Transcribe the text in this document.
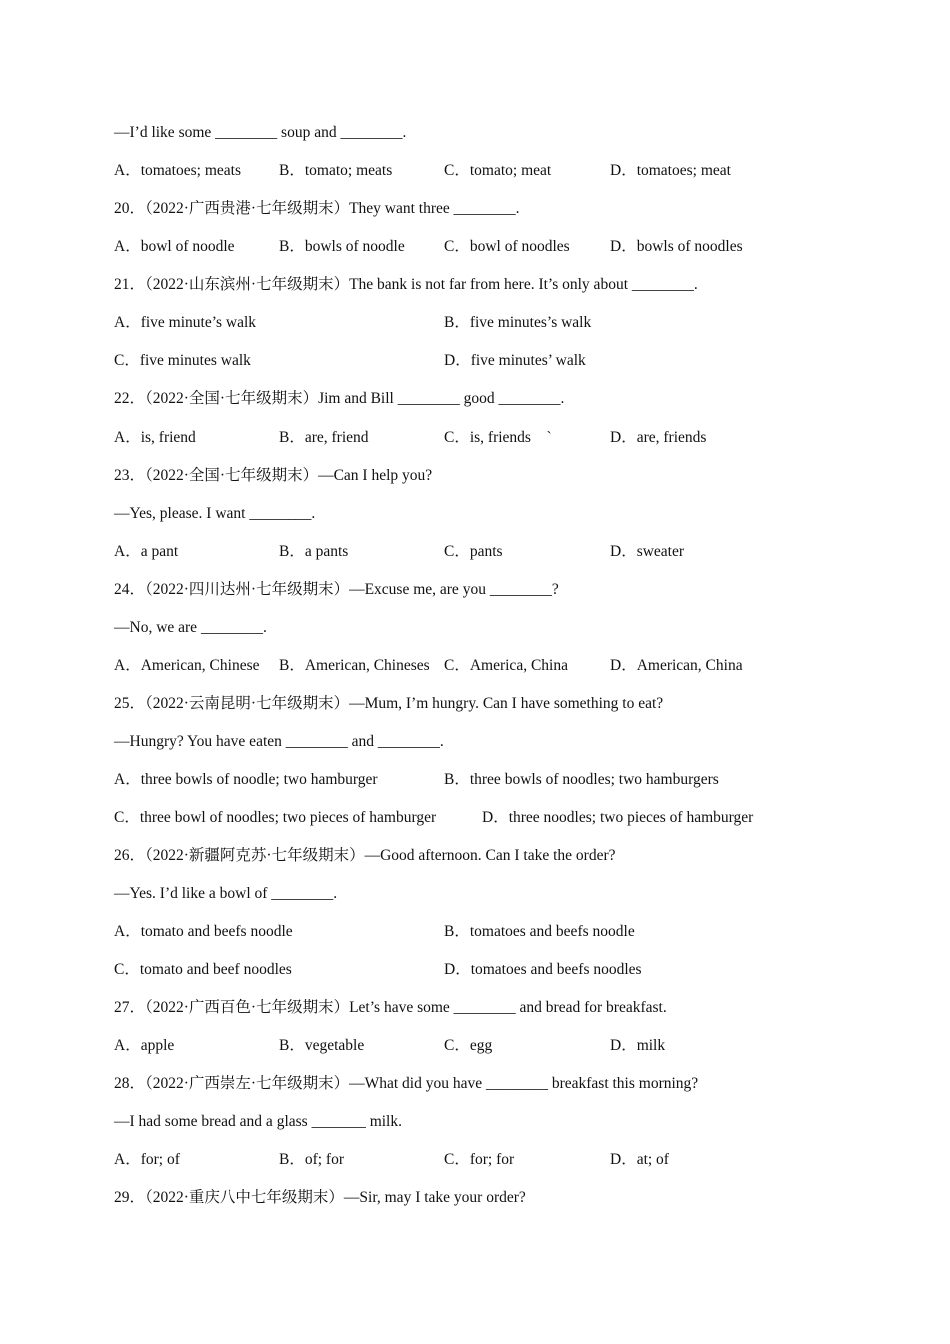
—I’d like some ________ soup and ________.
A．tomatoes; meats B．tomato; meats	C．tomato; meat	D．tomatoes; meat
20．（2022·广西贵港·七年级期末）They want three ________.
A．bowl of noodle	B．bowls of noodle	C．bowl of noodles	D．bowls of noodles
21．（2022·山东滨州·七年级期末）The bank is not far from here. It’s only about ________.
A．five minute’s walk	B．five minutes’s walk
C．five minutes walk	D．five minutes’ walk
22．（2022·全国·七年级期末）Jim and Bill ________ good ________.
A．is, friend	B．are, friend	C．is, friends　`	D．are, friends
23．（2022·全国·七年级期末）—Can I help you?
—Yes, please. I want ________.
A．a pant	B．a pants	C．pants	D．sweater
24．（2022·四川达州·七年级期末）—Excuse me, are you ________?
—No, we are ________.
A．American, Chinese B．American, Chineses C．America, China	D．American, China
25．（2022·云南昆明·七年级期末）—Mum, I’m hungry. Can I have something to eat?
—Hungry? You have eaten ________ and ________.
A．three bowls of noodle; two hamburger	B．three bowls of noodles; two hamburgers
C．three bowl of noodles; two pieces of hamburger	D．three noodles; two pieces of hamburger
26．（2022·新疆阿克苏·七年级期末）—Good afternoon. Can I take the order?
—Yes. I’d like a bowl of ________.
A．tomato and beefs noodle	B．tomatoes and beefs noodle
C．tomato and beef noodles	D．tomatoes and beefs noodles
27．（2022·广西百色·七年级期末）Let’s have some ________ and bread for breakfast.
A．apple	B．vegetable	C．egg	D．milk
28．（2022·广西崇左·七年级期末）—What did you have ________ breakfast this morning?
—I had some bread and a glass _______ milk.
A．for; of	B．of; for	C．for; for	D．at; of
29．（2022·重庆八中七年级期末）—Sir, may I take your order?
